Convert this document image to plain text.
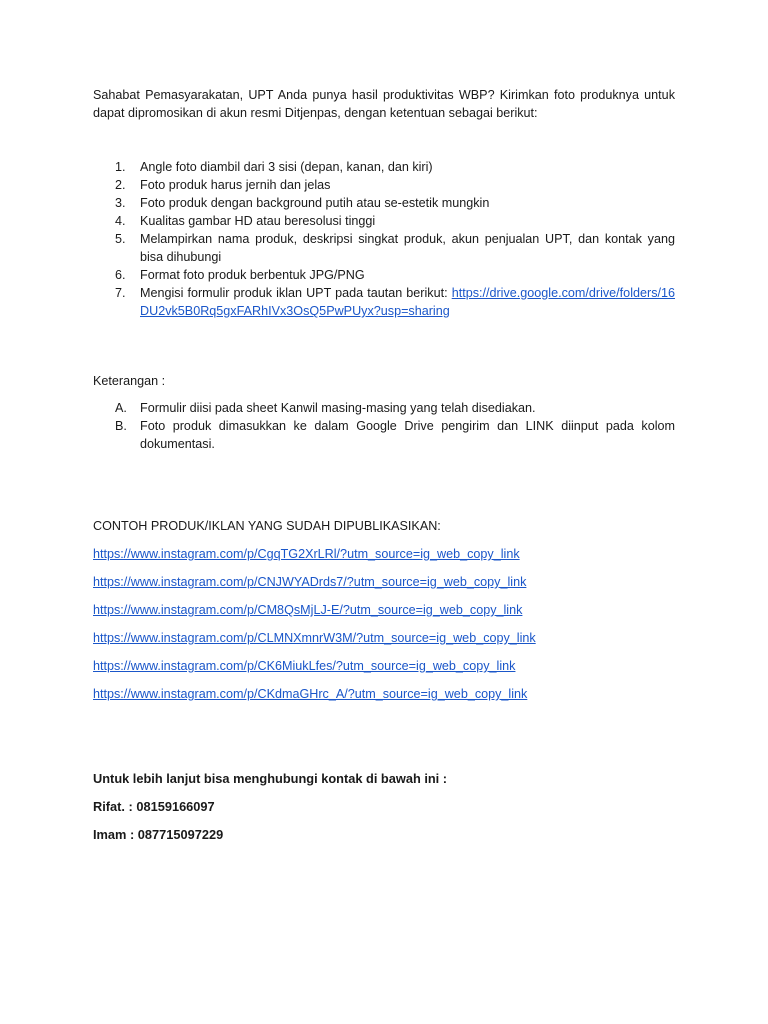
Sahabat Pemasyarakatan, UPT Anda punya hasil produktivitas WBP? Kirimkan foto produknya untuk dapat dipromosikan di akun resmi Ditjenpas, dengan ketentuan sebagai berikut:

1. Angle foto diambil dari 3 sisi (depan, kanan, dan kiri)
2. Foto produk harus jernih dan jelas
3. Foto produk dengan background putih atau se-estetik mungkin
4. Kualitas gambar HD atau beresolusi tinggi
5. Melampirkan nama produk, deskripsi singkat produk, akun penjualan UPT, dan kontak yang bisa dihubungi
6. Format foto produk berbentuk JPG/PNG
7. Mengisi formulir produk iklan UPT pada tautan berikut: https://drive.google.com/drive/folders/16DU2vk5B0Rq5gxFARhIVx3OsQ5PwPUyx?usp=sharing

Keterangan :

A. Formulir diisi pada sheet Kanwil masing-masing yang telah disediakan.
B. Foto produk dimasukkan ke dalam Google Drive pengirim dan LINK diinput pada kolom dokumentasi.

CONTOH PRODUK/IKLAN YANG SUDAH DIPUBLIKASIKAN:

https://www.instagram.com/p/CgqTG2XrLRl/?utm_source=ig_web_copy_link
https://www.instagram.com/p/CNJWYADrds7/?utm_source=ig_web_copy_link
https://www.instagram.com/p/CM8QsMjLJ-E/?utm_source=ig_web_copy_link
https://www.instagram.com/p/CLMNXmnrW3M/?utm_source=ig_web_copy_link
https://www.instagram.com/p/CK6MiukLfes/?utm_source=ig_web_copy_link
https://www.instagram.com/p/CKdmaGHrc_A/?utm_source=ig_web_copy_link

Untuk lebih lanjut bisa menghubungi kontak di bawah ini :

Rifat. : 08159166097

Imam : 087715097229
